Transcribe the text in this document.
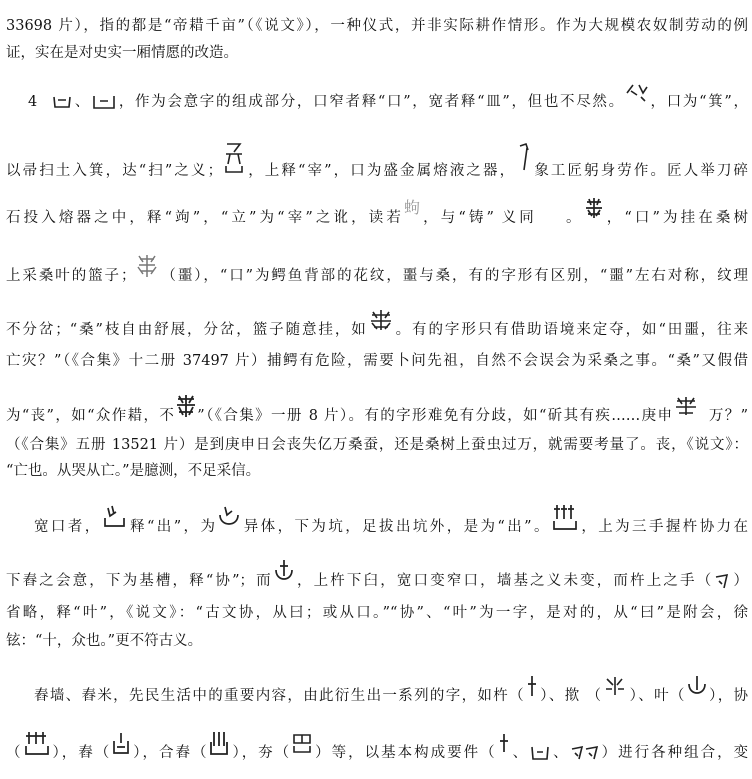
33698 片），指的都是“帝耤千亩”（《说文》），一种仪式，并非实际耕作情形。作为大规模农奴制劳动的例
证，实在是对史实一厢情愿的改造。
4 、 ，作为会意字的组成部分，口窄者释“口”，宽者释“皿”，但也不尽然。 ，口为“箕”，
以帚扫土入箕，达“扫”之义； ，上释“宰”，口为盛金属熔液之器， 象工匠躬身劳作。匠人举刀碎
石投入熔器之中，释“竘”，“立”为“宰”之讹，读若蚼，与“铸” 义同 。 ，“口”为挂在桑树
上采桑叶的篮子； （噩），“口”为鳄鱼背部的花纹，噩与桑，有的字形有区别，“噩”左右对称，纹理
不分岔；“桑”枝自由舒展，分岔，篮子随意挂，如 。有的字形只有借助语境来定夺，如“田噩，往来
亡灾？”（《合集》十二册 37497 片）捕鳄有危险，需要卜问先祖，自然不会误会为采桑之事。“桑”又假借
为“丧”，如“众作耤，不 ”（《合集》一册 8 片）。有的字形难免有分歧，如“斫其有疾……庚申 万？”
（《合集》五册 13521 片）是到庚申日会丧失亿万桑蚕，还是桑树上蚕虫过万，就需要考量了。丧，《说文》：
“亡也。从哭从亡。”是臆测，不足采信。
宽口者， 释“出”，为 异体，下为坑，足拔出坑外，是为“出”。 ，上为三手握杵协力在
下舂之会意，下为基槽，释“协”；而 ，上杵下臼，宽口变窄口，墙基之义未变，而杵上之手（ ）
省略，释“叶”，《说文》：“古文协，从曰；或从口。”“协”、“叶”为一字，是对的，从“曰”是附会，徐
铉：“十，众也。”更不符古义。
舂墙、舂米，先民生活中的重要内容，由此衍生出一系列的字，如杵（ ）、揿 （ ）、叶（ ），协
（ ），舂（ ），合舂（ ），夯（ ）等，以基本构成要件（ 、 、 ）进行各种组合，变
